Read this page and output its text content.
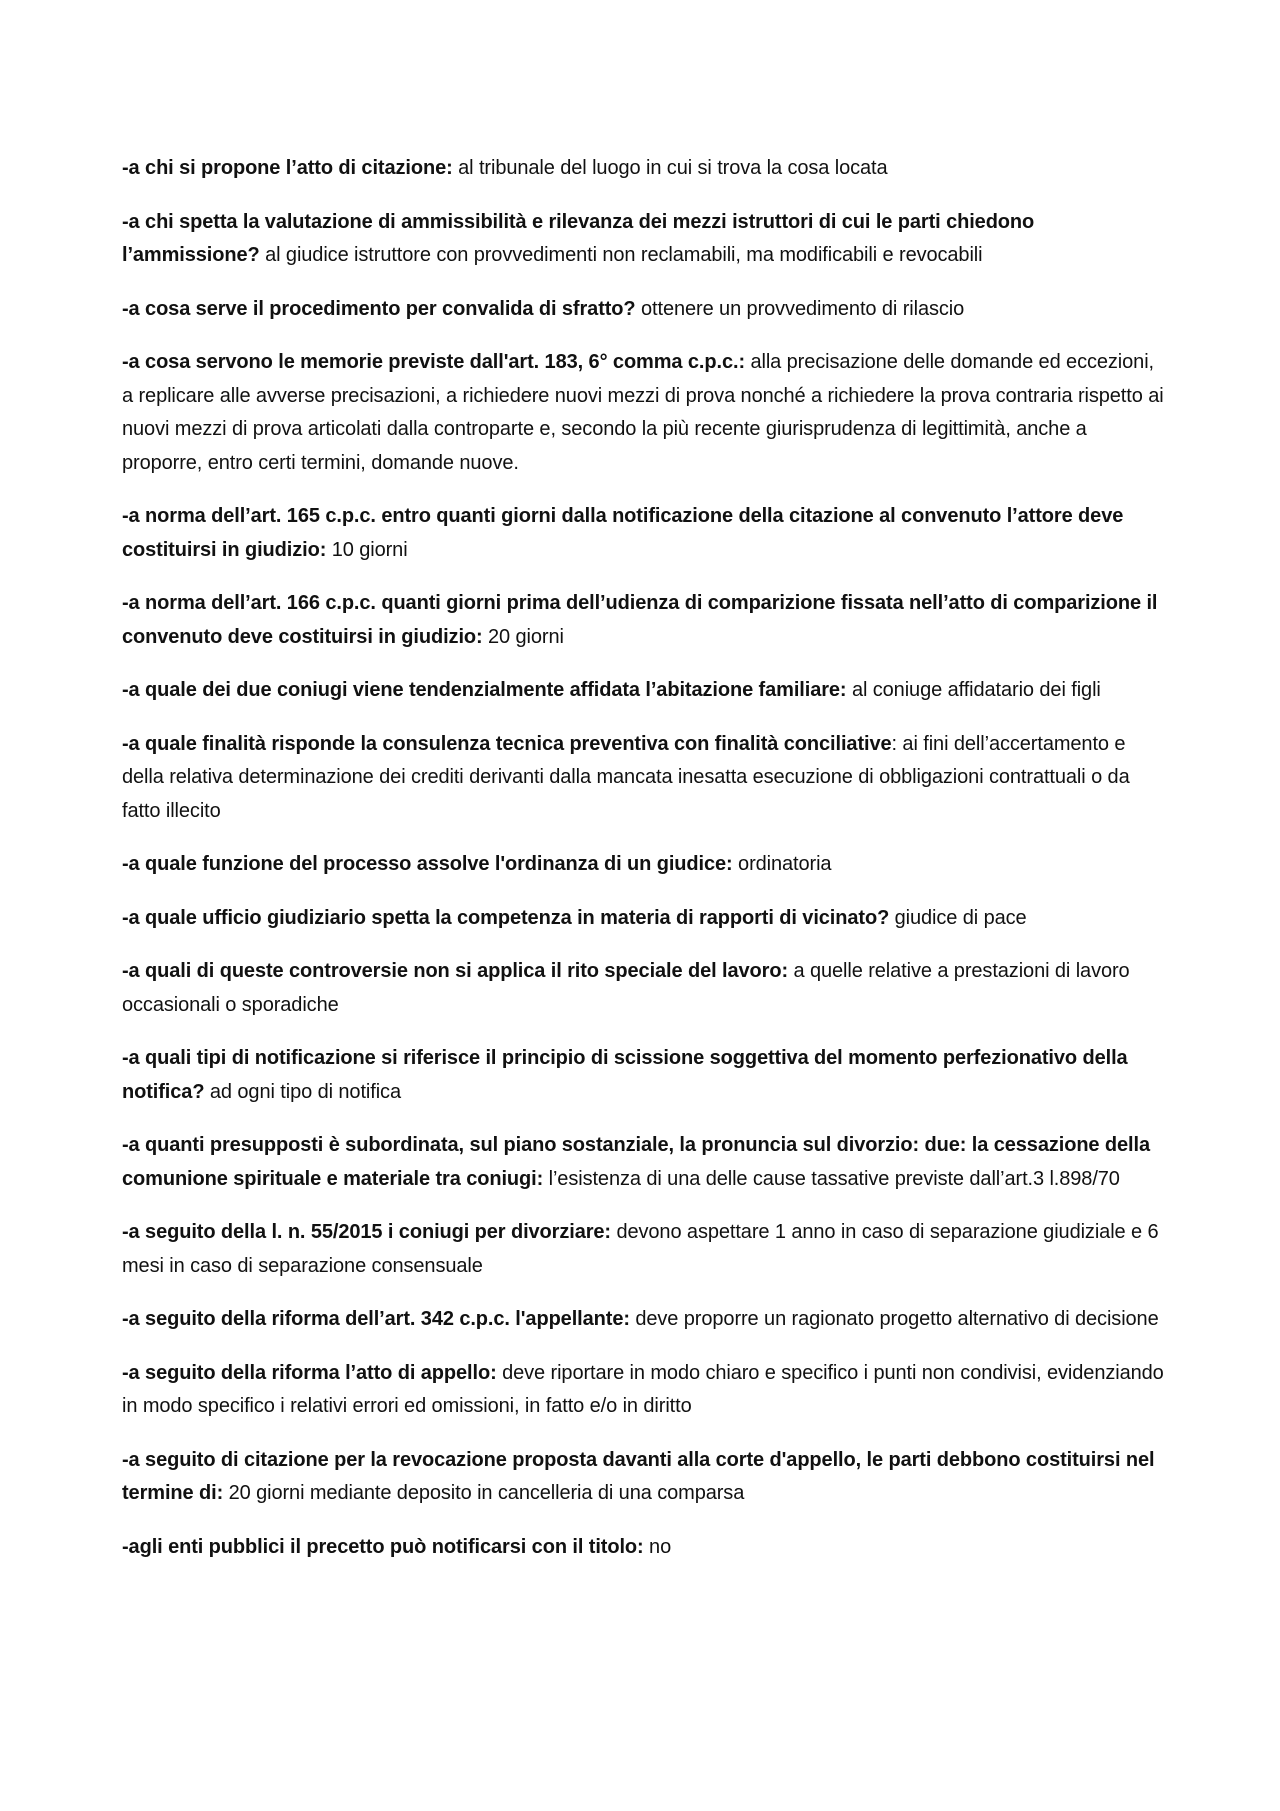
-a chi si propone l’atto di citazione: al tribunale del luogo in cui si trova la cosa locata

-a chi spetta la valutazione di ammissibilità e rilevanza dei mezzi istruttori di cui le parti chiedono l’ammissione? al giudice istruttore con provvedimenti non reclamabili, ma modificabili e revocabili

-a cosa serve il procedimento per convalida di sfratto? ottenere un provvedimento di rilascio

-a cosa servono le memorie previste dall'art. 183, 6° comma c.p.c.: alla precisazione delle domande ed eccezioni, a replicare alle avverse precisazioni, a richiedere nuovi mezzi di prova nonché a richiedere la prova contraria rispetto ai nuovi mezzi di prova articolati dalla controparte e, secondo la più recente giurisprudenza di legittimità, anche a proporre, entro certi termini, domande nuove.

-a norma dell’art. 165 c.p.c. entro quanti giorni dalla notificazione della citazione al convenuto l’attore deve costituirsi in giudizio: 10 giorni

-a norma dell’art. 166 c.p.c. quanti giorni prima dell’udienza di comparizione fissata nell’atto di comparizione il convenuto deve costituirsi in giudizio: 20 giorni

-a quale dei due coniugi viene tendenzialmente affidata l’abitazione familiare: al coniuge affidatario dei figli

-a quale finalità risponde la consulenza tecnica preventiva con finalità conciliative: ai fini dell’accertamento e della relativa determinazione dei crediti derivanti dalla mancata inesatta esecuzione di obbligazioni contrattuali o da fatto illecito

-a quale funzione del processo assolve l'ordinanza di un giudice: ordinatoria

-a quale ufficio giudiziario spetta la competenza in materia di rapporti di vicinato? giudice di pace

-a quali di queste controversie non si applica il rito speciale del lavoro: a quelle relative a prestazioni di lavoro occasionali o sporadiche

-a quali tipi di notificazione si riferisce il principio di scissione soggettiva del momento perfezionativo della notifica? ad ogni tipo di notifica

-a quanti presupposti è subordinata, sul piano sostanziale, la pronuncia sul divorzio: due: la cessazione della comunione spirituale e materiale tra coniugi: l’esistenza di una delle cause tassative previste dall’art.3 l.898/70

-a seguito della l. n. 55/2015 i coniugi per divorziare: devono aspettare 1 anno in caso di separazione giudiziale e 6 mesi in caso di separazione consensuale

-a seguito della riforma dell’art. 342 c.p.c. l'appellante: deve proporre un ragionato progetto alternativo di decisione

-a seguito della riforma l’atto di appello: deve riportare in modo chiaro e specifico i punti non condivisi, evidenziando in modo specifico i relativi errori ed omissioni, in fatto e/o in diritto

-a seguito di citazione per la revocazione proposta davanti alla corte d'appello, le parti debbono costituirsi nel termine di: 20 giorni mediante deposito in cancelleria di una comparsa

-agli enti pubblici il precetto può notificarsi con il titolo: no
